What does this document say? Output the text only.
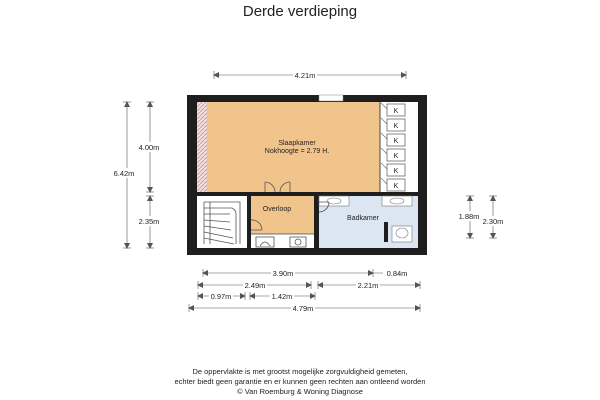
Derde verdieping
K
K
K
K
K
K
Slaapkamer
Nokhoogte = 2.79 H.
Overloop
Badkamer
4.21m
6.42m
4.00m
2.35m
1.88m
2.30m
3.90m	0.84m
2.49m	2.21m
0.97m	1.42m
4.79m
De oppervlakte is met grootst mogelijke zorgvuldigheid gemeten,
echter biedt geen garantie en er kunnen geen rechten aan ontleend worden
© Van Roemburg & Woning Diagnose
